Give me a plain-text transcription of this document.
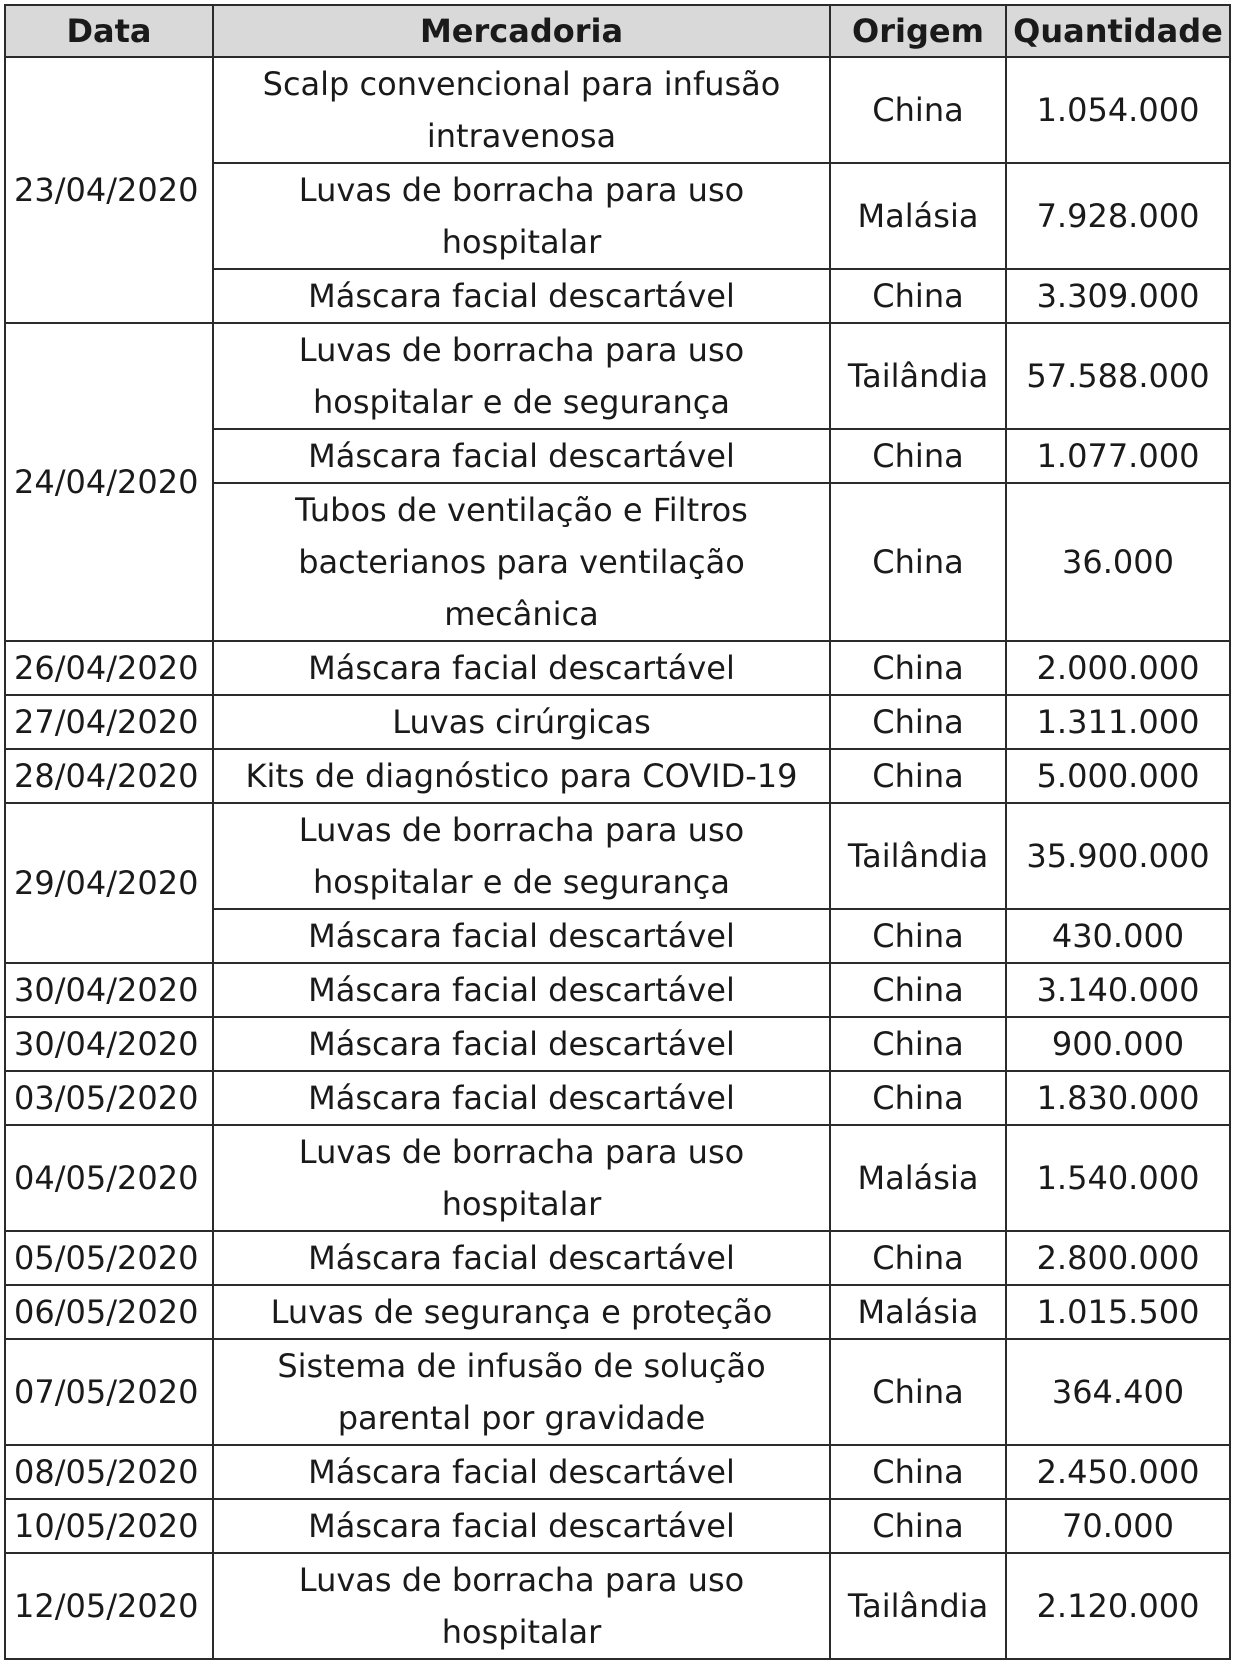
Data	Mercadoria	Origem	Quantidade
23/04/2020	Scalp convencional para infusão intravenosa	China	1.054.000
	Luvas de borracha para uso hospitalar	Malásia	7.928.000
	Máscara facial descartável	China	3.309.000
24/04/2020	Luvas de borracha para uso hospitalar e de segurança	Tailândia	57.588.000
	Máscara facial descartável	China	1.077.000
	Tubos de ventilação e Filtros bacterianos para ventilação mecânica	China	36.000
26/04/2020	Máscara facial descartável	China	2.000.000
27/04/2020	Luvas cirúrgicas	China	1.311.000
28/04/2020	Kits de diagnóstico para COVID-19	China	5.000.000
29/04/2020	Luvas de borracha para uso hospitalar e de segurança	Tailândia	35.900.000
	Máscara facial descartável	China	430.000
30/04/2020	Máscara facial descartável	China	3.140.000
30/04/2020	Máscara facial descartável	China	900.000
03/05/2020	Máscara facial descartável	China	1.830.000
04/05/2020	Luvas de borracha para uso hospitalar	Malásia	1.540.000
05/05/2020	Máscara facial descartável	China	2.800.000
06/05/2020	Luvas de segurança e proteção	Malásia	1.015.500
07/05/2020	Sistema de infusão de solução parental por gravidade	China	364.400
08/05/2020	Máscara facial descartável	China	2.450.000
10/05/2020	Máscara facial descartável	China	70.000
12/05/2020	Luvas de borracha para uso hospitalar	Tailândia	2.120.000
